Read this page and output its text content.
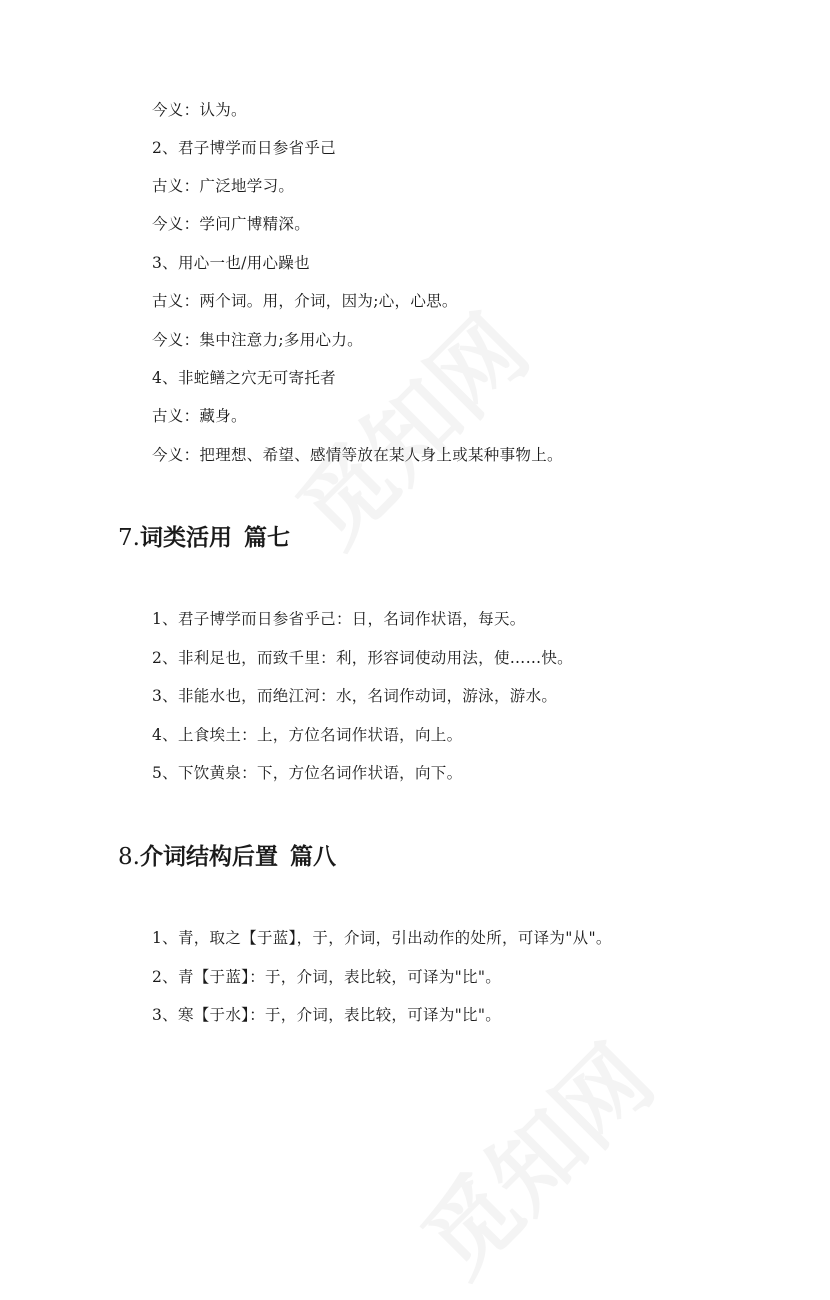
今义：认为。
2、君子博学而日参省乎己
古义：广泛地学习。
今义：学问广博精深。
3、用心一也/用心躁也
古义：两个词。用，介词，因为;心，心思。
今义：集中注意力;多用心力。
4、非蛇鳝之穴无可寄托者
古义：藏身。
今义：把理想、希望、感情等放在某人身上或某种事物上。
7.词类活用 篇七
1、君子博学而日参省乎己：日，名词作状语，每天。
2、非利足也，而致千里：利，形容词使动用法，使……快。
3、非能水也，而绝江河：水，名词作动词，游泳，游水。
4、上食埃土：上，方位名词作状语，向上。
5、下饮黄泉：下，方位名词作状语，向下。
8.介词结构后置 篇八
1、青，取之【于蓝】，于，介词，引出动作的处所，可译为"从"。
2、青【于蓝】：于，介词，表比较，可译为"比"。
3、寒【于水】：于，介词，表比较，可译为"比"。
